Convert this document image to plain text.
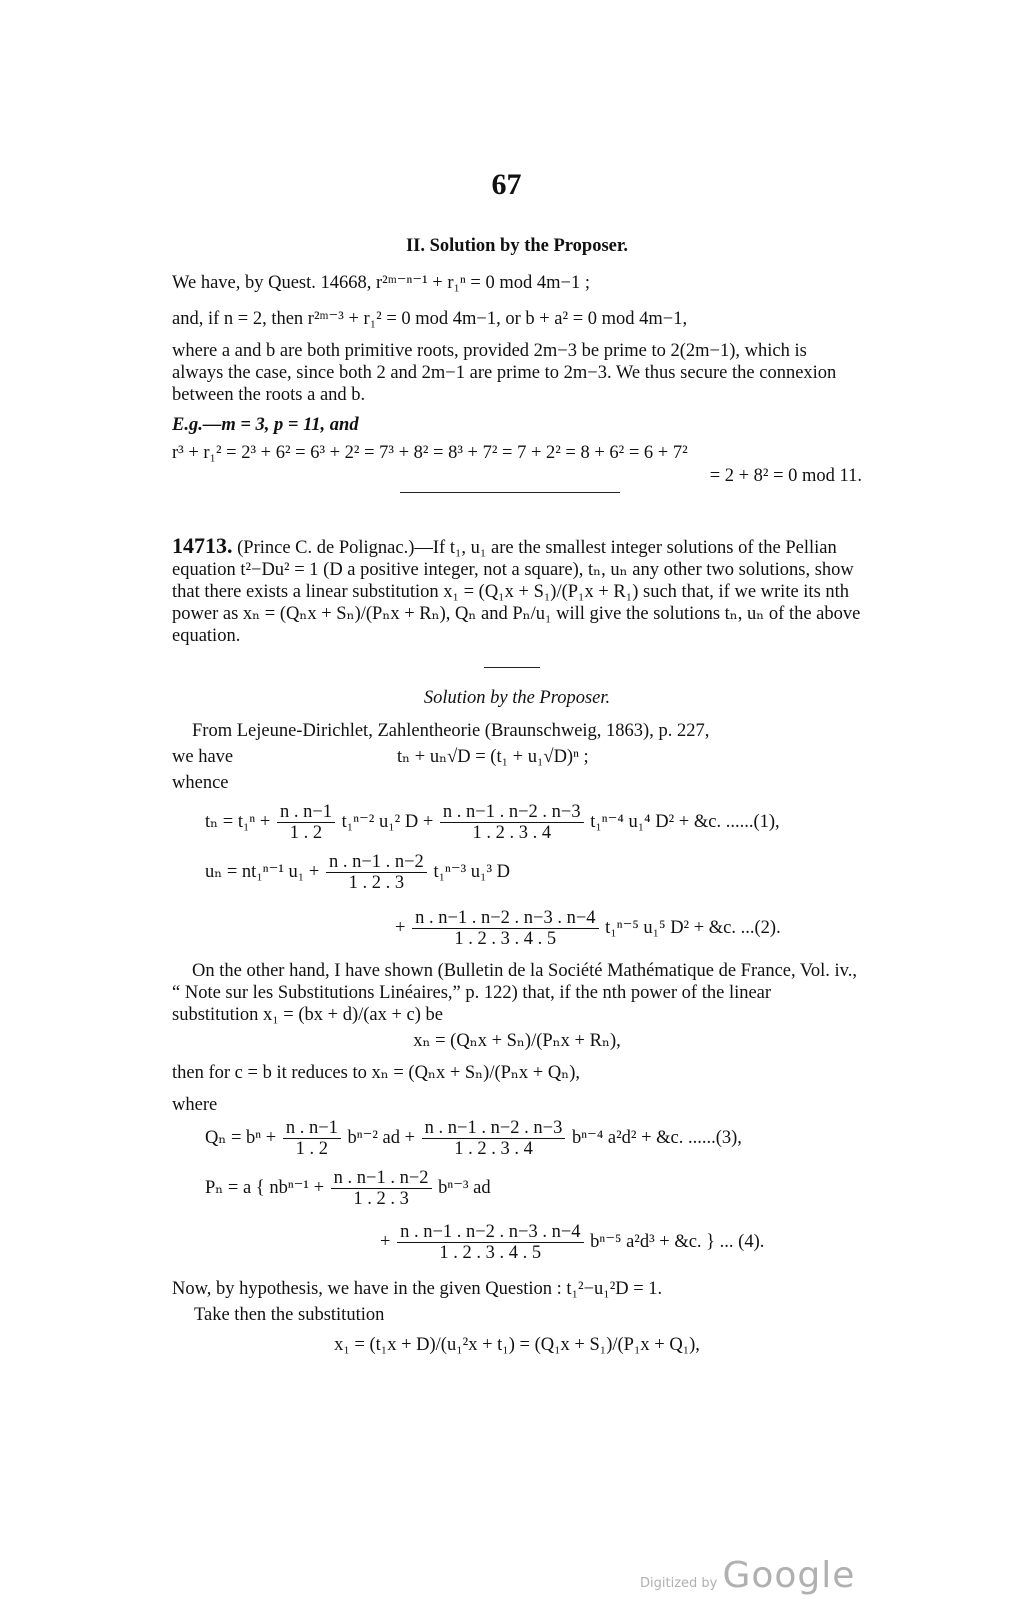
67
II. Solution by the Proposer.
We have, by Quest. 14668, r²ᵐ⁻ⁿ⁻¹ + r₁ⁿ = 0 mod 4m−1 ;
and, if n = 2, then r²ᵐ⁻³ + r₁² = 0 mod 4m−1, or b + a² = 0 mod 4m−1,
where a and b are both primitive roots, provided 2m−3 be prime to 2(2m−1), which is always the case, since both 2 and 2m−1 are prime to 2m−3. We thus secure the connexion between the roots a and b.
E.g.—m = 3, p = 11, and
r³ + r₁² = 2³ + 6² = 6³ + 2² = 7³ + 8² = 8³ + 7² = 7 + 2² = 8 + 6² = 6 + 7²
= 2 + 8² = 0 mod 11.
14713. (Prince C. de Polignac.)—If t₁, u₁ are the smallest integer solutions of the Pellian equation t²−Du² = 1 (D a positive integer, not a square), tₙ, uₙ any other two solutions, show that there exists a linear substitution x₁ = (Q₁x + S₁)/(P₁x + R₁) such that, if we write its nth power as xₙ = (Qₙx + Sₙ)/(Pₙx + Rₙ), Qₙ and Pₙ/u₁ will give the solutions tₙ, uₙ of the above equation.
Solution by the Proposer.
From Lejeune-Dirichlet, Zahlentheorie (Braunschweig, 1863), p. 227,
we have	tₙ + uₙ√D = (t₁ + u₁√D)ⁿ ;
whence
$t_n = t_1^n + \frac{n . n-1}{1 . 2} t_1^{n-2}$ u₁² $D + \frac{n . n-1 . n-2 . n-3}{1 . 2 . 3 . 4} t_1^{n-4}$ u₁⁴ D² + &c. ......(1),
uₙ = nt₁ⁿ⁻¹ $u_1 + \frac{n . n-1 . n-2}{1 . 2 . 3} t_1^{n-3}$ u₁³ D
+ $\frac{n . n-1 . n-2 . n-3 . n-4}{1 . 2 . 3 . 4 . 5} t_1^{n-5}$ u₁⁵ D² + &c. ...(2).
On the other hand, I have shown (Bulletin de la Société Mathématique de France, Vol. iv., “ Note sur les Substitutions Linéaires,” p. 122) that, if the nth power of the linear substitution x₁ = (bx + d)/(ax + c) be
xₙ = (Qₙx + Sₙ)/(Pₙx + Rₙ),
then for c = b it reduces to xₙ = (Qₙx + Sₙ)/(Pₙx + Qₙ),
where
$Q_n = b^n + \frac{n . n-1}{1 . 2} b^{n-2}$ ad + $\frac{n . n-1 . n-2 . n-3}{1 . 2 . 3 . 4} b^{n-4}$ a²d² + &c. ......(3),
Pₙ = a { $nb^{n-1} + \frac{n . n-1 . n-2}{1 . 2 . 3} b^{n-3}$ ad
+ $\frac{n . n-1 . n-2 . n-3 . n-4}{1 . 2 . 3 . 4 . 5} b^{n-5}$ a²d³ + &c. } ... (4).
Now, by hypothesis, we have in the given Question : t₁²−u₁²D = 1.
Take then the substitution
x₁ = (t₁x + D)/(u₁²x + t₁) = (Q₁x + S₁)/(P₁x + Q₁),
Digitized by Google
